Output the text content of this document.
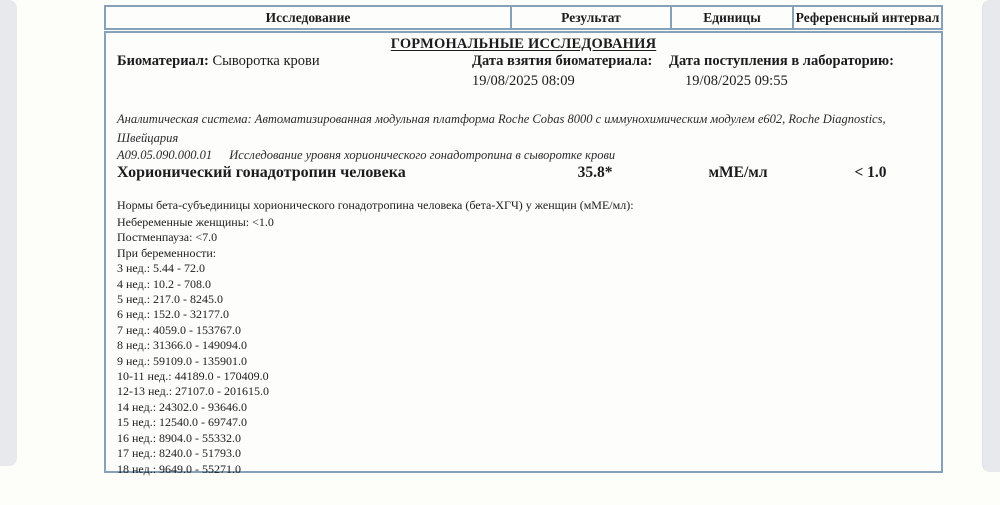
Исследование	Результат	Единицы	Референсный интервал
ГОРМОНАЛЬНЫЕ ИССЛЕДОВАНИЯ
Биоматериал: Сыворотка крови	Дата взятия биоматериала:
19/08/2025 08:09
Дата поступления в лабораторию:
19/08/2025 09:55
Аналитическая система: Автоматизированная модульная платформа Roche Cobas 8000 с иммунохимическим модулем e602, Roche Diagnostics, Швейцария
А09.05.090.000.01 Исследование уровня хорионического гонадотропина в сыворотке крови
Хорионический гонадотропин человека	35.8*	мМЕ/мл	< 1.0
Нормы бета-субъединицы хорионического гонадотропина человека (бета-ХГЧ) у женщин (мМЕ/мл):
Небеременные женщины: <1.0
Постменпауза: <7.0
При беременности:
3 нед.: 5.44 - 72.0
4 нед.: 10.2 - 708.0
5 нед.: 217.0 - 8245.0
6 нед.: 152.0 - 32177.0
7 нед.: 4059.0 - 153767.0
8 нед.: 31366.0 - 149094.0
9 нед.: 59109.0 - 135901.0
10-11 нед.: 44189.0 - 170409.0
12-13 нед.: 27107.0 - 201615.0
14 нед.: 24302.0 - 93646.0
15 нед.: 12540.0 - 69747.0
16 нед.: 8904.0 - 55332.0
17 нед.: 8240.0 - 51793.0
18 нед.: 9649.0 - 55271.0
